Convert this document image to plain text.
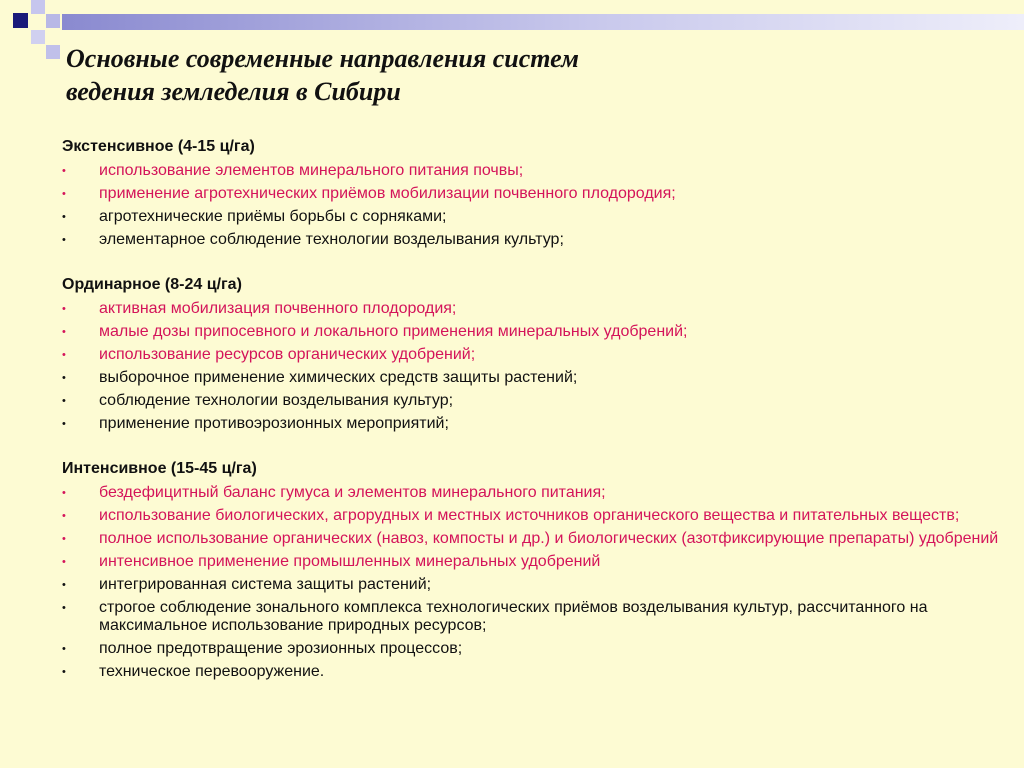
Основные современные направления систем
ведения земледелия в Сибири
Экстенсивное (4-15 ц/га)
• использование элементов минерального питания почвы;
• применение агротехнических приёмов мобилизации почвенного плодородия;
• агротехнические приёмы борьбы с сорняками;
• элементарное соблюдение технологии возделывания культур;
Ординарное (8-24 ц/га)
• активная мобилизация почвенного плодородия;
• малые дозы припосевного и локального применения минеральных удобрений;
• использование ресурсов органических удобрений;
• выборочное применение химических средств защиты растений;
• соблюдение технологии возделывания культур;
• применение противоэрозионных мероприятий;
Интенсивное (15-45 ц/га)
• бездефицитный баланс гумуса и элементов минерального питания;
• использование биологических, агрорудных и местных источников органического вещества и питательных веществ;
• полное использование органических (навоз, компосты и др.) и биологических (азотфиксирующие препараты) удобрений
• интенсивное применение промышленных минеральных удобрений
• интегрированная система защиты растений;
• строгое соблюдение зонального комплекса технологических приёмов возделывания культур, рассчитанного на максимальное использование природных ресурсов;
• полное предотвращение эрозионных процессов;
• техническое перевооружение.
